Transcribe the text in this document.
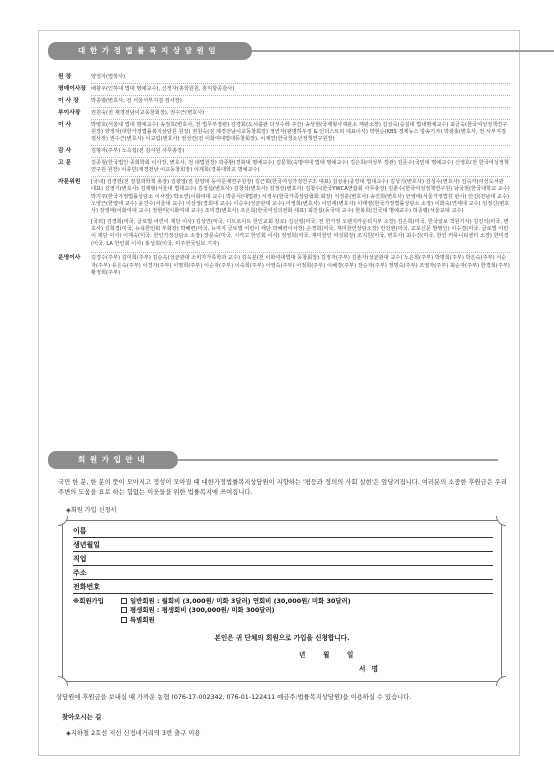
대 한 가 정 법 률 복 지 상 담 원 임 원
원 장	양정자(법학사)
명예이사장 배광우(인하대 법대 명예교수), 신정자(총학원원, 홍익항공감사)
이 사 장	박종렬(변호사, 전 서울서부지검 검사장)
부이사장	권원숙(전 재경전남이교동창회장), 권수근(변호사)
이 사	박병호(서울대 법대 명예교수) 송정호(변호사, 전 법무부장관) 김경회(도서출판 다섯수레 주간) 송상현(국제형사재판소 재판소장) 김상숙(숭실대 법대명예교수) 최금숙(한국여성정책연구원장) 양정자(대한가정법률복지상담원 원장) 권원숙(전 재경전남이교동창회장) 정연자(광명하우징 & 인더스트리 대표이사) 박현순(KBS 경제뉴스 방송기자) 박광홍(변호사, 전 서부지검 검사장) 권수근(변호사) 이교림(변호사) 권성연(전 이화여대법대동창회장), 이재연(한국청소년정책연구원장)
감 사	김형자(주부) 노옥섭(전 감사원 사무총장)
고 문	김종철(한국법인 종희학회 이사장, 변호사, 전 대법원장) 곽종환(경북대 명예교수) 김문희(숙명여대 법대 명예교수) 김은희(여성부 장관) 김준수(국민대 명예교수) 신영호(전 한국여성정책연구원 원장) 이종민(재경전남 이교동창회장) 이재희(경북대학교 명예교수)
자문위원	[국내] 김경헌(전 검찰과학책 총장) 김광열(전 한양대 동아문제연구원장) 김근희(한국여성가정연구소 대표) 김상용(중앙대 법대교수) 김성기(변호사) 김성수(변호사) 김숙자(여성도서관 대표) 김영기(변호사) 김재형(서울대 법대교수) 김정섭(변호사) 김창석(변호사) 김정선(변호사) 김창수(한국YWCA연합회 사무총장) 김춘수(한국여성정책연구원) 남국현(한국대학교 교수) 박기주(한국가정법률상담소 이사장) 박소연(이화여대 교수) 박준식(대법관) 서정우(한국가족상담협회 회장) 서정훈(변호사) 송진희(변호사) 안영애(서울가정법원 판사) 안진(전남대 교수) 오영근(한양대 교수) 윤진수(서울대 교수) 이상정(경희대 교수) 이승우(성균관대 교수) 이영희(변호사) 이인재(변호사) 이태영(한국가정법률상담소 소장) 이화숙(연세대 교수) 임정신(변호사) 장영애(이화여대 교수) 정현미(이화여대 교수) 조미경(변호사) 조은희(한국여성의전화 대표) 최진섭(동국대 교수) 한봉희(건국대 명예교수) 허종렬(서울교대 교수)
[국외] 김경희(미국, 글로벌 어린이 재단 이사) 김상연(미국, 디트로이트 한인교회 장로) 김선영(미국, 전 한가정 오렌지카운티지부 소장) 김은희(미국, 한국일보 객원기자) 김진석(미국, 변호사) 김희경(미국, 뉴욕한인회 부회장) 박혜련(미국, 뉴저지 글로벌 어린이 재단 박혜련이사장) 손경희(미국, 재미한인상담소장) 안진현(미국, 교포신문 발행인) 이수경(미국, 글로벌 어린이 재단 이사) 이재숙(미국, 한인가정상담소 소장) 장문숙(미국, 시카고 한인회 이사) 정영희(미국, 재미한인 여성회장) 조지원(미국, 변호사) 최수진(미국, 한인 커뮤니티센터 소장) 한미경(미국, LA 한인회 이사) 홍성희(미국, 미주한국일보 기자)
운영이사	김경수(주부) 김미희(주부) 김순옥(성균관대 소비자가족학과 교수) 김옥분(전 이화여대법대 동창회장) 김정자(주부) 김춘자(성균관대 교수) 노은희(주부) 박명희(주부) 박은숙(주부) 서순자(주부) 유은숙(주부) 이경자(주부) 이명희(주부) 이순자(주부) 이숙희(주부) 이영숙(주부) 이정희(주부) 이혜경(주부) 장순자(주부) 정명숙(주부) 조영자(주부) 최순자(주부) 한경희(주부) 황정희(주부)
회 원 가 입 안 내
국민 한 분, 한 분의 뜻이 모아지고 정성이 모아질 때 대한가정법률복지상담원이 지향하는 '평등과 정의의 사회 실현'은 앞당겨집니다. 여러분의 소중한 후원금은 우리 주변의 도움을 요로 하는 힘없는 이웃들을 위한 법률복지에 쓰여집니다.
◈회원 가입 신청서
이름
생년월일
직업
주소
전화번호
※회원가입	일반회원 : 월회비 (3,000원/ 미화 3달러) 연회비 (30,000원/ 미화 30달러)
평생회원 : 평생회비 (300,000원/ 미화 300달러)
특별회원
본인은 귀 단체의 회원으로 가입을 신청합니다.
년	월	일
서 명
상담원에 후원금을 보내실 때 가까운 농협 (076-17-002342, 076-01-122411 예금주:법률복지상담원)을 이용하실 수 있습니다.
찾아오시는 길
◈지하철 2호선 지선 신정네거리역 3번 출구 이용
